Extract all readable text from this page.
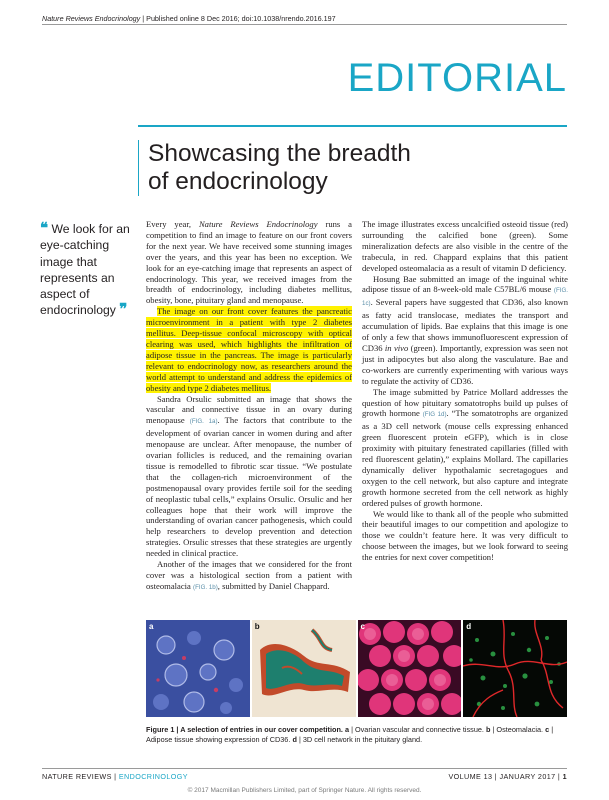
Nature Reviews Endocrinology | Published online 8 Dec 2016; doi:10.1038/nrendo.2016.197
EDITORIAL
Showcasing the breadth
of endocrinology
❝ We look for an eye-catching image that represents an aspect of endocrinology ❞

Every year, Nature Reviews Endocrinology runs a competition to find an image to feature on our front covers for the next year. We have received some stunning images over the years, and this year has been no exception. We look for an eye-catching image that represents an aspect of endocrinology. This year, we received images from the breadth of endocrinology, including diabetes mellitus, obesity, bone, pituitary gland and menopause.

The image on our front cover features the pancreatic microenvironment in a patient with type 2 diabetes mellitus. Deep-tissue confocal microscopy with optical clearing was used, which highlights the infiltration of adipose tissue in the pancreas. The image is particularly relevant to endocrinology now, as researchers around the world attempt to understand and address the epidemics of obesity and type 2 diabetes mellitus.

Sandra Orsulic submitted an image that shows the vascular and connective tissue in an ovary during menopause (FIG. 1a). The factors that contribute to the development of ovarian cancer in women during and after menopause are unclear. After menopause, the number of ovarian follicles is reduced, and the remaining ovarian tissue is remodelled to fibrotic scar tissue. “We postulate that the collagen-rich microenvironment of the postmenopausal ovary provides fertile soil for the seeding of neoplastic tubal cells,” explains Orsulic. Orsulic and her colleagues hope that their work will improve the understanding of ovarian cancer pathogenesis, which could help researchers to develop prevention and detection strategies. Orsulic stresses that these strategies are urgently needed in clinical practice.

Another of the images that we considered for the front cover was a histological section from a patient with osteomalacia (FIG. 1b), submitted by Daniel Chappard.

The image illustrates excess uncalcified osteoid tissue (red) surrounding the calcified bone (green). Some mineralization defects are also visible in the centre of the trabecula, in red. Chappard explains that this patient developed osteomalacia as a result of vitamin D deficiency.

Hosung Bae submitted an image of the inguinal white adipose tissue of an 8-week-old male C57BL/6 mouse (FIG. 1c). Several papers have suggested that CD36, also known as fatty acid translocase, mediates the transport and accumulation of lipids. Bae explains that this image is one of only a few that shows immunofluorescent expression of CD36 in vivo (green). Importantly, expression was seen not just in adipocytes but also along the vasculature. Bae and co-workers are currently experimenting with various ways to regulate the activity of CD36.

The image submitted by Patrice Mollard addresses the question of how pituitary somatotrophs build up pulses of growth hormone (FIG 1d). “The somatotrophs are organized as a 3D cell network (mouse cells expressing enhanced green fluorescent protein eGFP), which is in close proximity with pituitary fenestrated capillaries (filled with red fluorescent gelatin),” explains Mollard. The capillaries dynamically deliver hypothalamic secretagogues and oxygen to the cell network, but also capture and integrate growth hormone secreted from the cell network as highly ordered pulses of growth hormone.

We would like to thank all of the people who submitted their beautiful images to our competition and apologize to those we couldn’t feature here. It was very difficult to choose between the images, but we look forward to seeing the entries for next cover competition!

a	b	c	d
Figure 1 | A selection of entries in our cover competition. a | Ovarian vascular and connective tissue. b | Osteomalacia. c | Adipose tissue showing expression of CD36. d | 3D cell network in the pituitary gland.
NATURE REVIEWS | ENDOCRINOLOGY	VOLUME 13 | JANUARY 2017 | 1
© 2017 Macmillan Publishers Limited, part of Springer Nature. All rights reserved.
